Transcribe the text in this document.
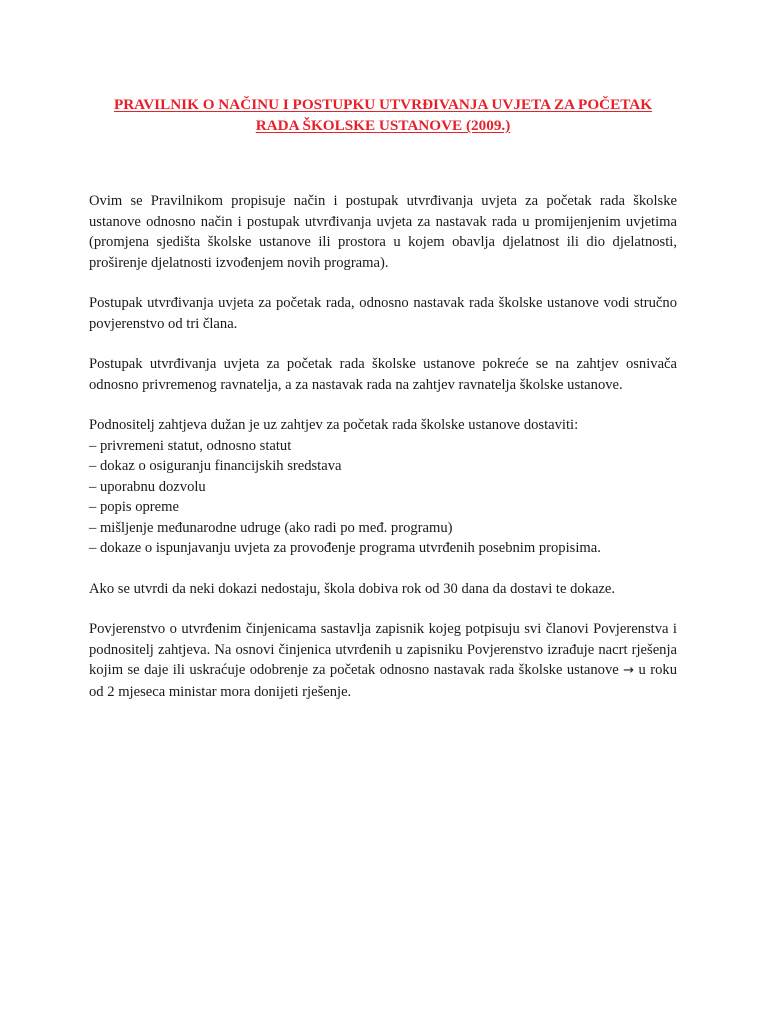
PRAVILNIK O NAČINU I POSTUPKU UTVRĐIVANJA UVJETA ZA POČETAK
RADA ŠKOLSKE USTANOVE (2009.)

Ovim se Pravilnikom propisuje način i postupak utvrđivanja uvjeta za početak rada školske ustanove odnosno način i postupak utvrđivanja uvjeta za nastavak rada u promijenjenim uvjetima (promjena sjedišta školske ustanove ili prostora u kojem obavlja djelatnost ili dio djelatnosti, proširenje djelatnosti izvođenjem novih programa).

Postupak utvrđivanja uvjeta za početak rada, odnosno nastavak rada školske ustanove vodi stručno povjerenstvo od tri člana.

Postupak utvrđivanja uvjeta za početak rada školske ustanove pokreće se na zahtjev osnivača odnosno privremenog ravnatelja, a za nastavak rada na zahtjev ravnatelja školske ustanove.

Podnositelj zahtjeva dužan je uz zahtjev za početak rada školske ustanove dostaviti:

– privremeni statut, odnosno statut
– dokaz o osiguranju financijskih sredstava
– uporabnu dozvolu
– popis opreme
– mišljenje međunarodne udruge (ako radi po međ. programu)
– dokaze o ispunjavanju uvjeta za provođenje programa utvrđenih posebnim propisima.

Ako se utvrdi da neki dokazi nedostaju, škola dobiva rok od 30 dana da dostavi te dokaze.

Povjerenstvo o utvrđenim činjenicama sastavlja zapisnik kojeg potpisuju svi članovi Povjerenstva i podnositelj zahtjeva. Na osnovi činjenica utvrđenih u zapisniku Povjerenstvo izrađuje nacrt rješenja kojim se daje ili uskraćuje odobrenje za početak odnosno nastavak rada školske ustanove → u roku od 2 mjeseca ministar mora donijeti rješenje.
